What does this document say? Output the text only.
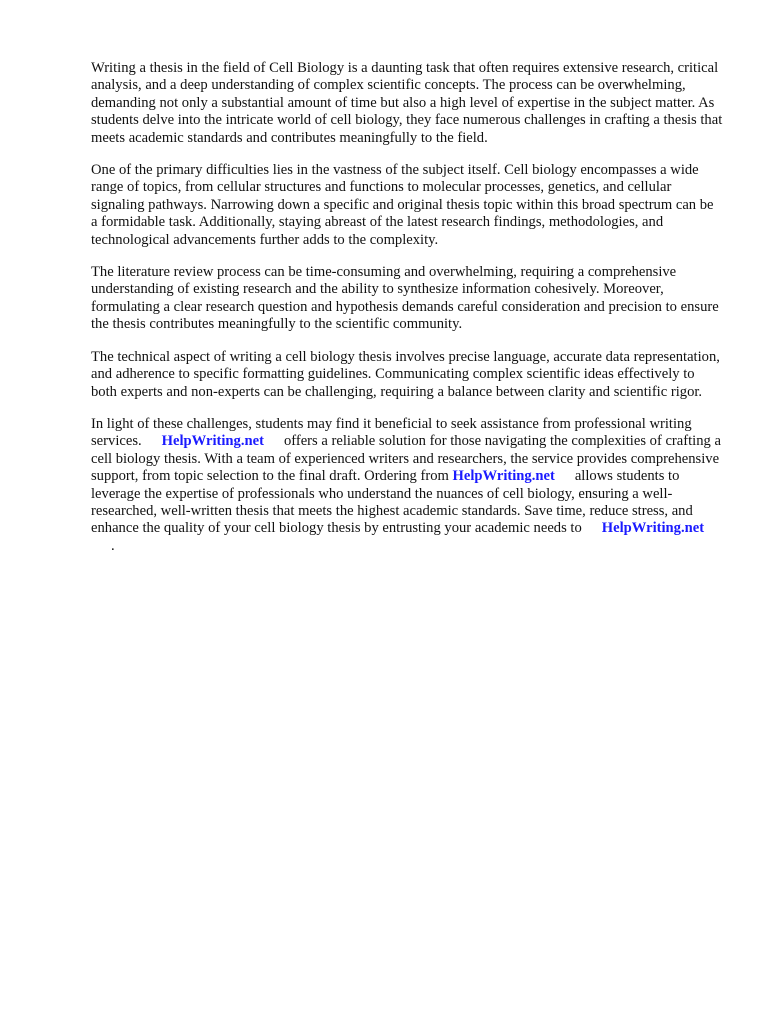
Writing a thesis in the field of Cell Biology is a daunting task that often requires extensive research, critical analysis, and a deep understanding of complex scientific concepts. The process can be overwhelming, demanding not only a substantial amount of time but also a high level of expertise in the subject matter. As students delve into the intricate world of cell biology, they face numerous challenges in crafting a thesis that meets academic standards and contributes meaningfully to the field.

One of the primary difficulties lies in the vastness of the subject itself. Cell biology encompasses a wide range of topics, from cellular structures and functions to molecular processes, genetics, and cellular signaling pathways. Narrowing down a specific and original thesis topic within this broad spectrum can be a formidable task. Additionally, staying abreast of the latest research findings, methodologies, and technological advancements further adds to the complexity.

The literature review process can be time-consuming and overwhelming, requiring a comprehensive understanding of existing research and the ability to synthesize information cohesively. Moreover, formulating a clear research question and hypothesis demands careful consideration and precision to ensure the thesis contributes meaningfully to the scientific community.

The technical aspect of writing a cell biology thesis involves precise language, accurate data representation, and adherence to specific formatting guidelines. Communicating complex scientific ideas effectively to both experts and non-experts can be challenging, requiring a balance between clarity and scientific rigor.

In light of these challenges, students may find it beneficial to seek assistance from professional writing services. HelpWriting.net offers a reliable solution for those navigating the complexities of crafting a cell biology thesis. With a team of experienced writers and researchers, the service provides comprehensive support, from topic selection to the final draft. Ordering from HelpWriting.net allows students to leverage the expertise of professionals who understand the nuances of cell biology, ensuring a well-researched, well-written thesis that meets the highest academic standards. Save time, reduce stress, and enhance the quality of your cell biology thesis by entrusting your academic needs to HelpWriting.net.
